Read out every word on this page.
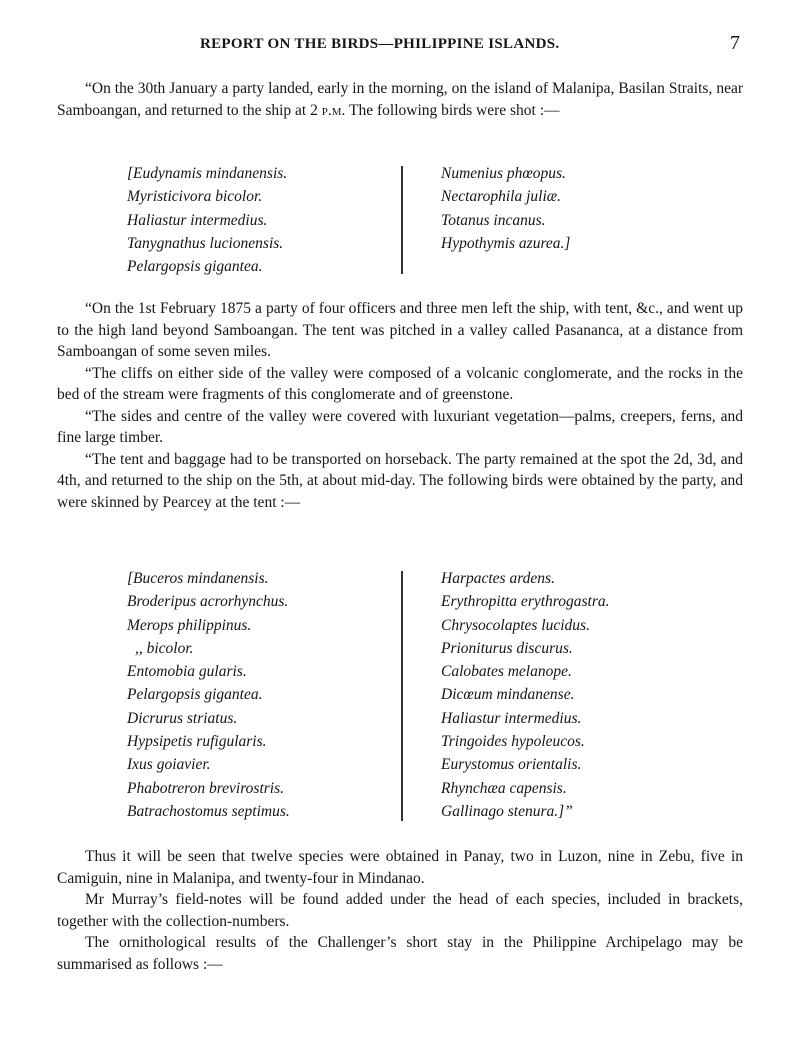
REPORT ON THE BIRDS—PHILIPPINE ISLANDS.	7

“On the 30th January a party landed, early in the morning, on the island of Malanipa, Basilan Straits, near Samboangan, and returned to the ship at 2 p.m. The following birds were shot :—

[Eudynamis mindanensis.
Myristicivora bicolor.
Haliastur intermedius.
Tanygnathus lucionensis.
Pelargopsis gigantea.
Numenius phœopus.
Nectarophila juliæ.
Totanus incanus.
Hypothymis azurea.]

“On the 1st February 1875 a party of four officers and three men left the ship, with tent, &c., and went up to the high land beyond Samboangan. The tent was pitched in a valley called Pasananca, at a distance from Samboangan of some seven miles.

“The cliffs on either side of the valley were composed of a volcanic conglomerate, and the rocks in the bed of the stream were fragments of this conglomerate and of greenstone.

“The sides and centre of the valley were covered with luxuriant vegetation—palms, creepers, ferns, and fine large timber.

“The tent and baggage had to be transported on horseback. The party remained at the spot the 2d, 3d, and 4th, and returned to the ship on the 5th, at about mid-day. The following birds were obtained by the party, and were skinned by Pearcey at the tent :—

[Buceros mindanensis.
Broderipus acrorhynchus.
Merops philippinus.
,, bicolor.
Entomobia gularis.
Pelargopsis gigantea.
Dicrurus striatus.
Hypsipetis rufigularis.
Ixus goiavier.
Phabotreron brevirostris.
Batrachostomus septimus.
Harpactes ardens.
Erythropitta erythrogastra.
Chrysocolaptes lucidus.
Prioniturus discurus.
Calobates melanope.
Dicœum mindanense.
Haliastur intermedius.
Tringoides hypoleucos.
Eurystomus orientalis.
Rhynchæa capensis.
Gallinago stenura.]”

Thus it will be seen that twelve species were obtained in Panay, two in Luzon, nine in Zebu, five in Camiguin, nine in Malanipa, and twenty-four in Mindanao.

Mr Murray’s field-notes will be found added under the head of each species, included in brackets, together with the collection-numbers.

The ornithological results of the Challenger’s short stay in the Philippine Archipelago may be summarised as follows :—
